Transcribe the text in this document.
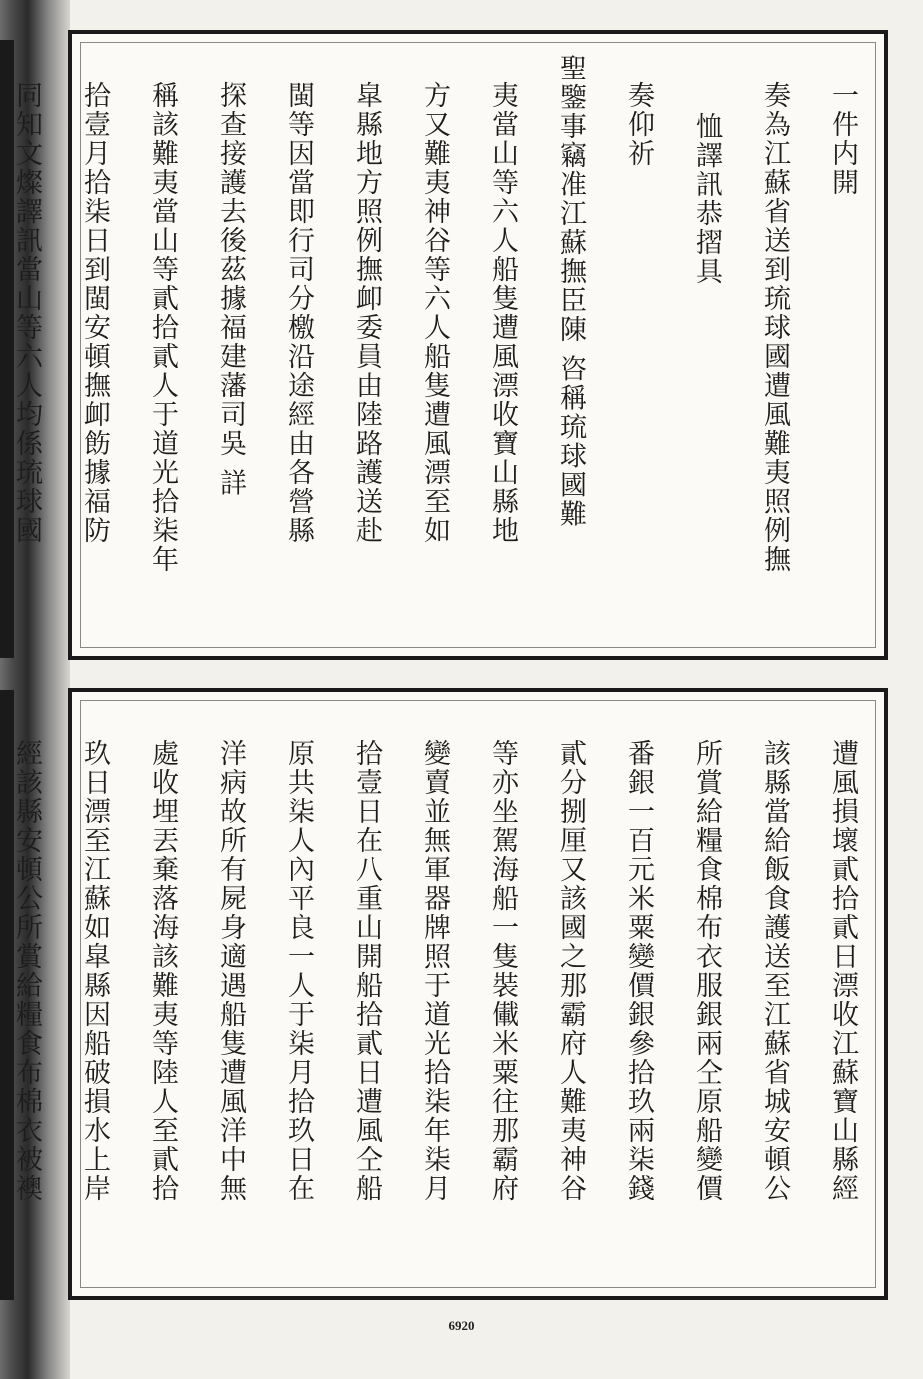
一件内開
奏為江蘇省送到琉球國遭風難夷照例撫
恤譯訊恭摺具
奏仰祈
聖鑒事竊准江蘇撫臣陳 咨稱琉球國難
夷當山等六人船隻遭風漂收寶山縣地
方又難夷神谷等六人船隻遭風漂至如
皐縣地方照例撫卹委員由陸路護送赴
閩等因當即行司分檄沿途經由各營縣
探查接護去後茲據福建藩司吳 詳
稱該難夷當山等貳拾貳人于道光拾柒年
拾壹月拾柒日到閩安頓撫卹飭據福防
同知文燦譯訊當山等六人均係琉球國
遭風損壞貳拾貳日漂收江蘇寶山縣經
該縣當給飯食護送至江蘇省城安頓公
所賞給糧食棉布衣服銀兩仝原船變價
番銀一百元米粟變價銀參拾玖兩柒錢
貳分捌厘又該國之那霸府人難夷神谷
等亦坐駕海船一隻裝儎米粟往那霸府
變賣並無軍器牌照于道光拾柒年柒月
拾壹日在八重山開船拾貳日遭風仝船
原共柒人內平良一人于柒月拾玖日在
洋病故所有屍身適遇船隻遭風洋中無
處收埋丟棄落海該難夷等陸人至貳拾
玖日漂至江蘇如皐縣因船破損水上岸
經該縣安頓公所賞給糧食布棉衣被襖
6920
